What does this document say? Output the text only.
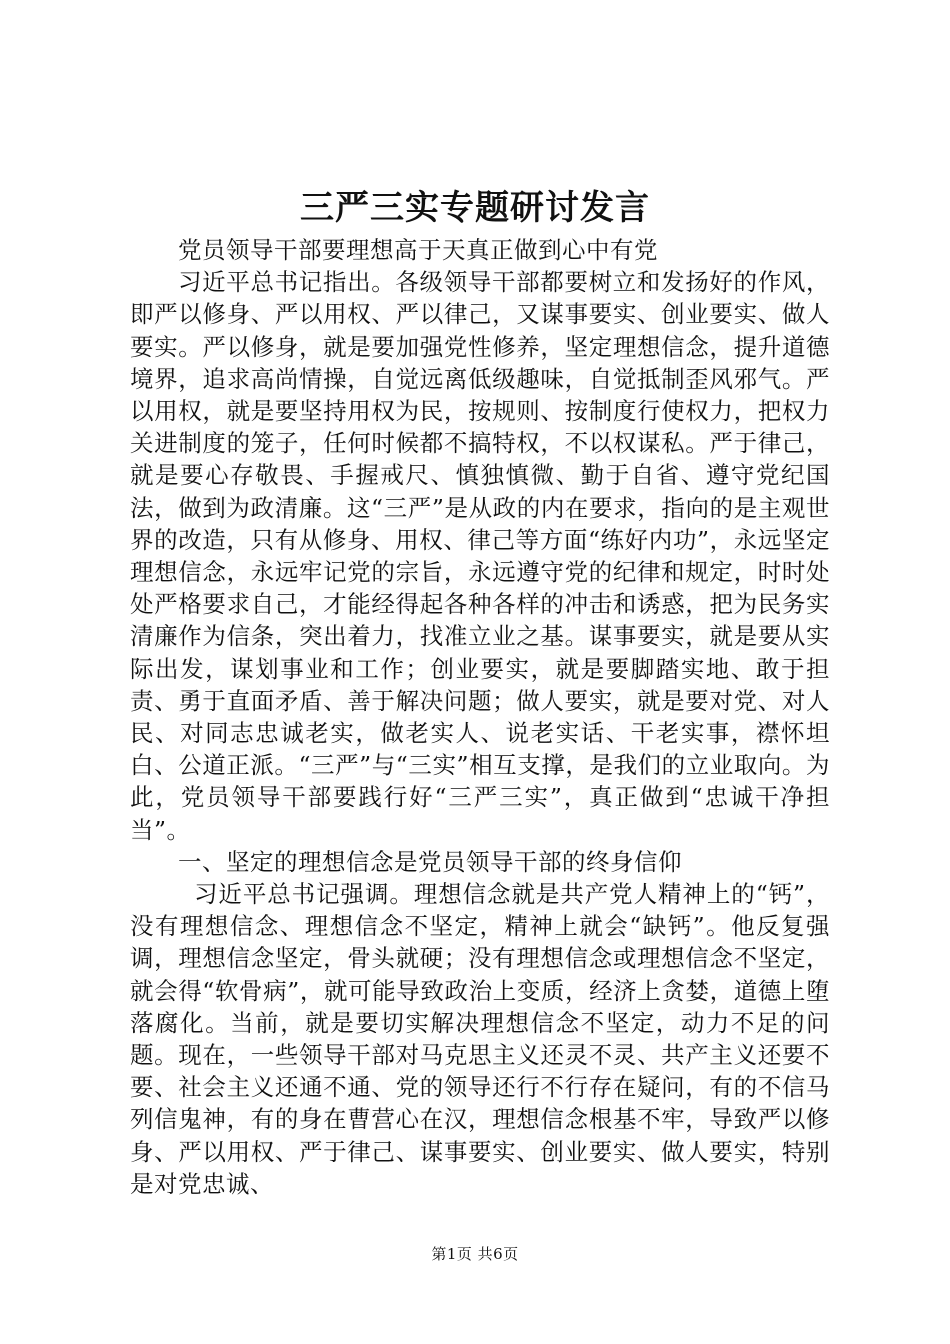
三严三实专题研讨发言

党员领导干部要理想高于天真正做到心中有党

习近平总书记指出。各级领导干部都要树立和发扬好的作风，即严以修身、严以用权、严以律己，又谋事要实、创业要实、做人要实。严以修身，就是要加强党性修养，坚定理想信念，提升道德境界，追求高尚情操，自觉远离低级趣味，自觉抵制歪风邪气。严以用权，就是要坚持用权为民，按规则、按制度行使权力，把权力关进制度的笼子，任何时候都不搞特权，不以权谋私。严于律己，就是要心存敬畏、手握戒尺、慎独慎微、勤于自省、遵守党纪国法，做到为政清廉。这“三严”是从政的内在要求，指向的是主观世界的改造，只有从修身、用权、律己等方面“练好内功”，永远坚定理想信念，永远牢记党的宗旨，永远遵守党的纪律和规定，时时处处严格要求自己，才能经得起各种各样的冲击和诱惑，把为民务实清廉作为信条，突出着力，找准立业之基。谋事要实，就是要从实际出发，谋划事业和工作；创业要实，就是要脚踏实地、敢于担责、勇于直面矛盾、善于解决问题；做人要实，就是要对党、对人民、对同志忠诚老实，做老实人、说老实话、干老实事，襟怀坦白、公道正派。“三严”与“三实”相互支撑，是我们的立业取向。为此，党员领导干部要践行好“三严三实”，真正做到“忠诚干净担当”。

一、坚定的理想信念是党员领导干部的终身信仰

习近平总书记强调。理想信念就是共产党人精神上的“钙”，没有理想信念、理想信念不坚定，精神上就会“缺钙”。他反复强调，理想信念坚定，骨头就硬；没有理想信念或理想信念不坚定，就会得“软骨病”，就可能导致政治上变质，经济上贪婪，道德上堕落腐化。当前，就是要切实解决理想信念不坚定，动力不足的问题。现在，一些领导干部对马克思主义还灵不灵、共产主义还要不要、社会主义还通不通、党的领导还行不行存在疑问，有的不信马列信鬼神，有的身在曹营心在汉，理想信念根基不牢，导致严以修身、严以用权、严于律己、谋事要实、创业要实、做人要实，特别是对党忠诚、

第1页 共6页
